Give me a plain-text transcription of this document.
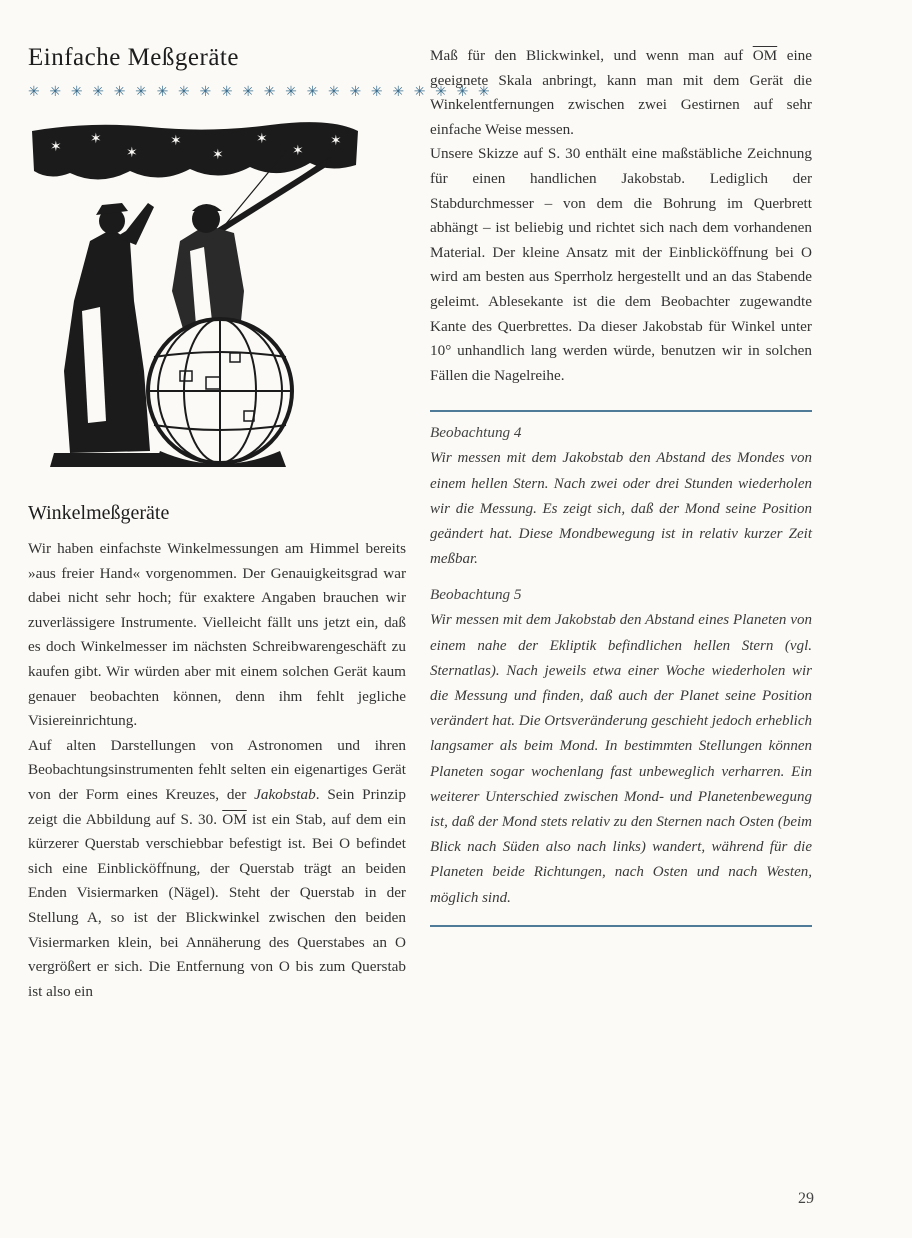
Einfache Meßgeräte
✳ ✳ ✳ ✳ ✳ ✳ ✳ ✳ ✳ ✳ ✳ ✳ ✳ ✳ ✳ ✳ ✳ ✳ ✳ ✳ ✳ ✳
✶ ✶
✶
✶
✶
✶
✶
✶
Winkelmeßgeräte

Wir haben einfachste Winkelmessungen am Himmel bereits »aus freier Hand« vorgenommen. Der Genauigkeitsgrad war dabei nicht sehr hoch; für exaktere Angaben brauchen wir zuverlässigere Instrumente. Vielleicht fällt uns jetzt ein, daß es doch Winkelmesser im nächsten Schreibwarengeschäft zu kaufen gibt. Wir würden aber mit einem solchen Gerät kaum genauer beobachten können, denn ihm fehlt jegliche Visiereinrichtung.

Auf alten Darstellungen von Astronomen und ihren Beobachtungsinstrumenten fehlt selten ein eigenartiges Gerät von der Form eines Kreuzes, der Jakobstab. Sein Prinzip zeigt die Abbildung auf S. 30. $\overline{OM}$ ist ein Stab, auf dem ein kürzerer Querstab verschiebbar befestigt ist. Bei O befindet sich eine Einblicköffnung, der Querstab trägt an beiden Enden Visiermarken (Nägel). Steht der Querstab in der Stellung A, so ist der Blickwinkel zwischen den beiden Visiermarken klein, bei Annäherung des Querstabes an O vergrößert er sich. Die Entfernung von O bis zum Querstab ist also ein

Maß für den Blickwinkel, und wenn man auf $\overline{OM}$ eine geeignete Skala anbringt, kann man mit dem Gerät die Winkelentfernungen zwischen zwei Gestirnen auf sehr einfache Weise messen.

Unsere Skizze auf S. 30 enthält eine maßstäbliche Zeichnung für einen handlichen Jakobstab. Lediglich der Stabdurchmesser – von dem die Bohrung im Querbrett abhängt – ist beliebig und richtet sich nach dem vorhandenen Material. Der kleine Ansatz mit der Einblicköffnung bei O wird am besten aus Sperrholz hergestellt und an das Stabende geleimt. Ablesekante ist die dem Beobachter zugewandte Kante des Querbrettes. Da dieser Jakobstab für Winkel unter 10° unhandlich lang werden würde, benutzen wir in solchen Fällen die Nagelreihe.

Beobachtung 4

Wir messen mit dem Jakobstab den Abstand des Mondes von einem hellen Stern. Nach zwei oder drei Stunden wiederholen wir die Messung. Es zeigt sich, daß der Mond seine Position geändert hat. Diese Mondbewegung ist in relativ kurzer Zeit meßbar.

Beobachtung 5

Wir messen mit dem Jakobstab den Abstand eines Planeten von einem nahe der Ekliptik befindlichen hellen Stern (vgl. Sternatlas). Nach jeweils etwa einer Woche wiederholen wir die Messung und finden, daß auch der Planet seine Position verändert hat. Die Ortsveränderung geschieht jedoch erheblich langsamer als beim Mond. In bestimmten Stellungen können Planeten sogar wochenlang fast unbeweglich verharren. Ein weiterer Unterschied zwischen Mond- und Planetenbewegung ist, daß der Mond stets relativ zu den Sternen nach Osten (beim Blick nach Süden also nach links) wandert, während für die Planeten beide Richtungen, nach Osten und nach Westen, möglich sind.

29
